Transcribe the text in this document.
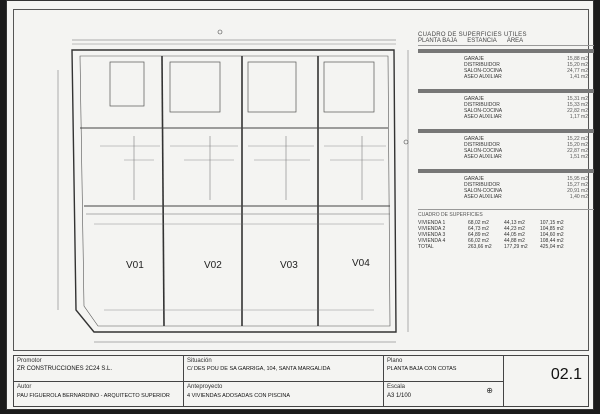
V01	V02	V03	V04
CUADRO DE SUPERFICIES UTILES
PLANTA BAJA ESTANCIA ÁREA
GARAJE	15,88 m2
DISTRIBUIDOR	15,20 m2
SALON-COCINA	24,77 m2
ASEO AUXILIAR	1,41 m2
GARAJE	15,31 m2
DISTRIBUIDOR	15,33 m2
SALON-COCINA	22,82 m2
ASEO AUXILIAR	1,17 m2
GARAJE	15,22 m2
DISTRIBUIDOR	15,20 m2
SALON-COCINA	22,87 m2
ASEO AUXILIAR	1,51 m2
GARAJE	15,95 m2
DISTRIBUIDOR	15,27 m2
SALON-COCINA	20,91 m2
ASEO AUXILIAR	1,40 m2
CUADRO DE SUPERFICIES
VIVIENDA 1	68,02 m2	44,13 m2	107,15 m2
VIVIENDA 2	64,73 m2	44,23 m2	104,85 m2
VIVIENDA 3	64,89 m2	44,05 m2	104,60 m2
VIVIENDA 4	66,02 m2	44,88 m2	108,44 m2
TOTAL	263,66 m2	177,29 m2	425,04 m2
Promotor
ZR CONSTRUCCIONES 2C24 S.L.
Autor
PAU FIGUEROLA BERNARDINO - ARQUITECTO SUPERIOR
Situación
C/ DES POU DE SA GARRIGA, 104, SANTA MARGALIDA
Anteproyecto
4 VIVIENDAS ADOSADAS CON PISCINA
Plano
PLANTA BAJA CON COTAS
Escala
A3 1/100
⊕
02.1
